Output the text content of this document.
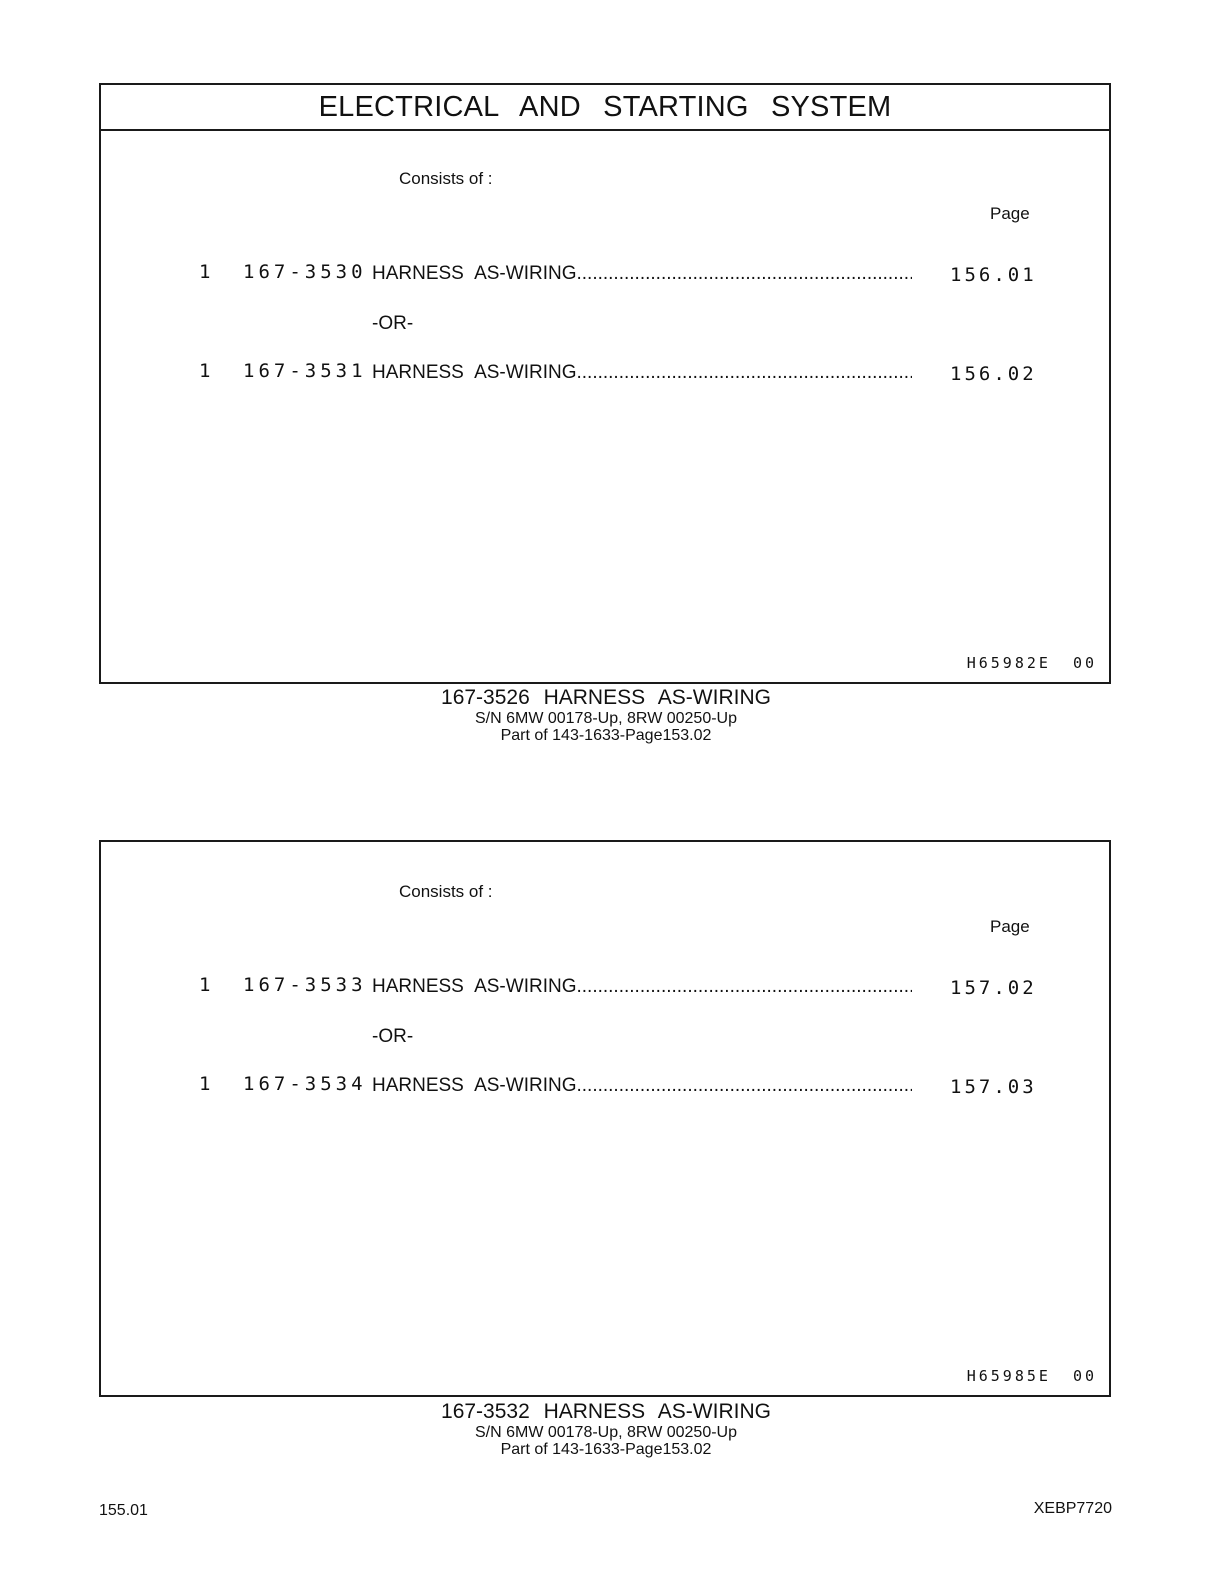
ELECTRICAL AND STARTING SYSTEM
Consists of :
Page
1 167-3530 HARNESS AS-WIRING .....	156.01
-OR-
1 167-3531 HARNESS AS-WIRING .....	156.02
H65982E 00
167-3526 HARNESS AS-WIRING
S/N 6MW 00178-Up, 8RW 00250-Up
Part of 143-1633-Page153.02
Consists of :
Page
1 167-3533 HARNESS AS-WIRING .....	157.02
-OR-
1 167-3534 HARNESS AS-WIRING .....	157.03
H65985E 00
167-3532 HARNESS AS-WIRING
S/N 6MW 00178-Up, 8RW 00250-Up
Part of 143-1633-Page153.02
155.01	XEBP7720
